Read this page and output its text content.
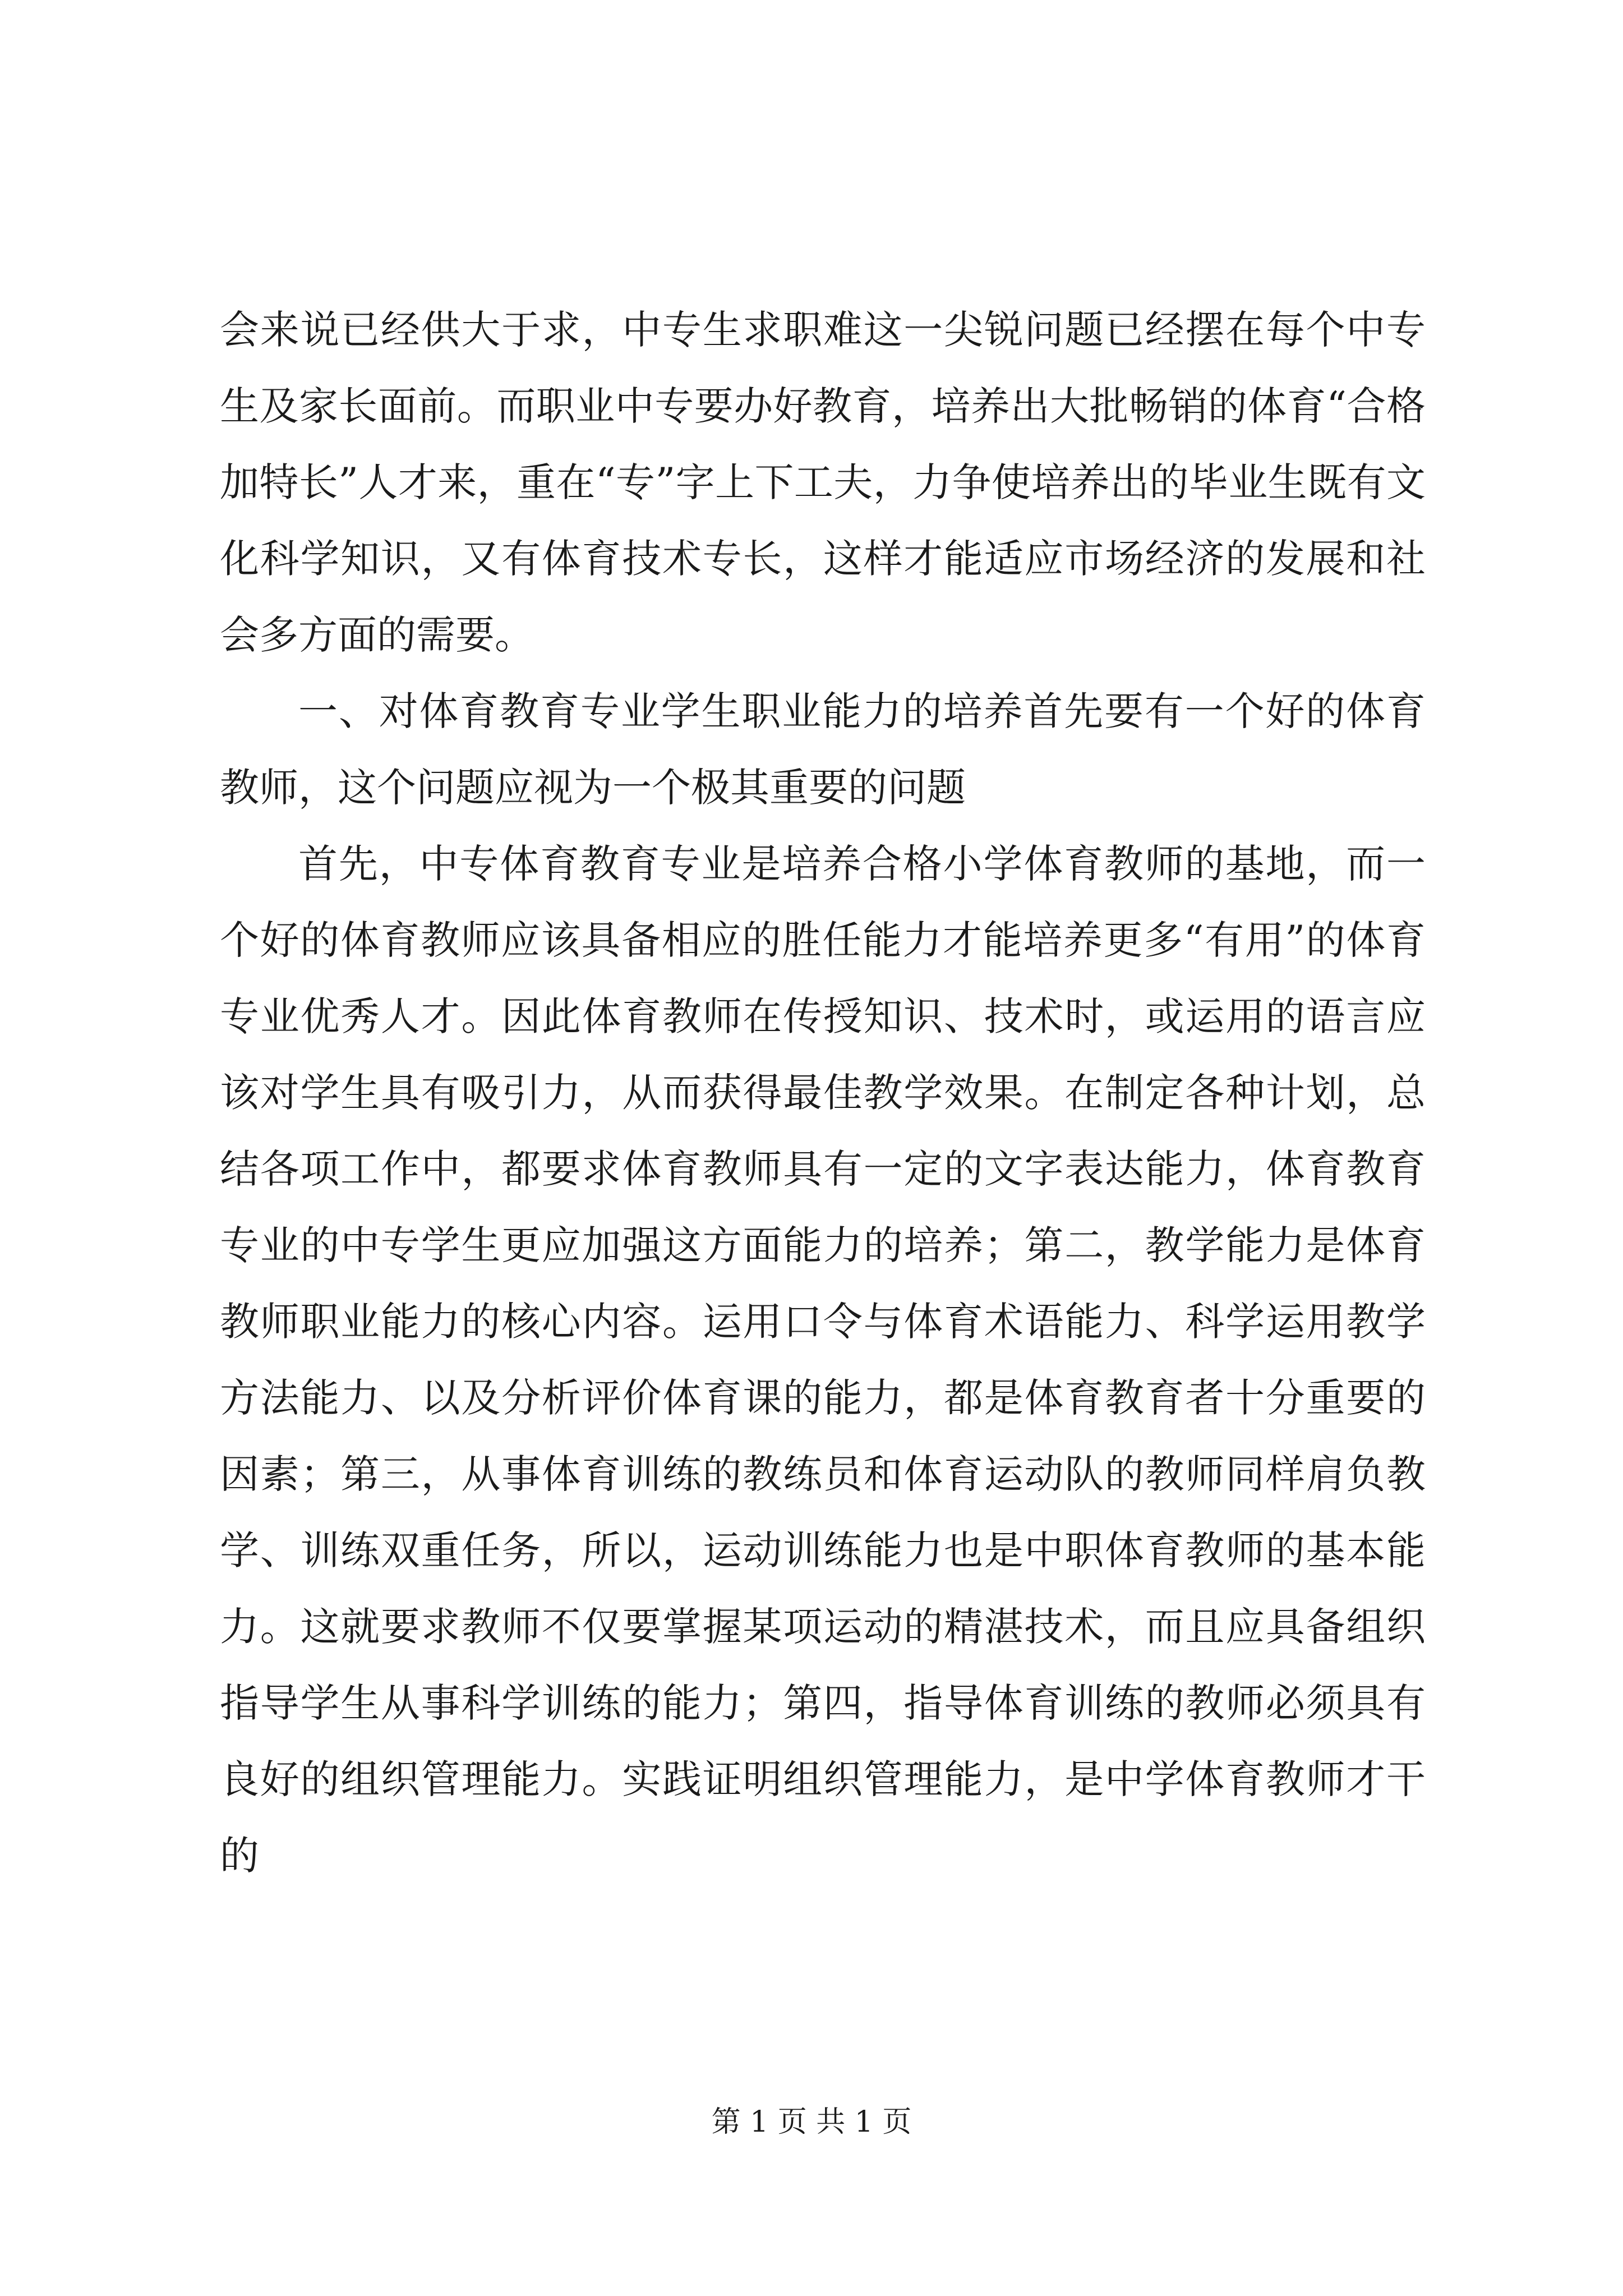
会来说已经供大于求，中专生求职难这一尖锐问题已经摆在每个中专生及家长面前。而职业中专要办好教育，培养出大批畅销的体育“合格加特长”人才来，重在“专”字上下工夫，力争使培养出的毕业生既有文化科学知识，又有体育技术专长，这样才能适应市场经济的发展和社会多方面的需要。

一、对体育教育专业学生职业能力的培养首先要有一个好的体育教师，这个问题应视为一个极其重要的问题

首先，中专体育教育专业是培养合格小学体育教师的基地，而一个好的体育教师应该具备相应的胜任能力才能培养更多“有用”的体育专业优秀人才。因此体育教师在传授知识、技术时，或运用的语言应该对学生具有吸引力，从而获得最佳教学效果。在制定各种计划，总结各项工作中，都要求体育教师具有一定的文字表达能力，体育教育专业的中专学生更应加强这方面能力的培养；第二，教学能力是体育教师职业能力的核心内容。运用口令与体育术语能力、科学运用教学方法能力、以及分析评价体育课的能力，都是体育教育者十分重要的因素；第三，从事体育训练的教练员和体育运动队的教师同样肩负教学、训练双重任务，所以，运动训练能力也是中职体育教师的基本能力。这就要求教师不仅要掌握某项运动的精湛技术，而且应具备组织指导学生从事科学训练的能力；第四，指导体育训练的教师必须具有良好的组织管理能力。实践证明组织管理能力，是中学体育教师才干的

第 1 页 共 1 页
